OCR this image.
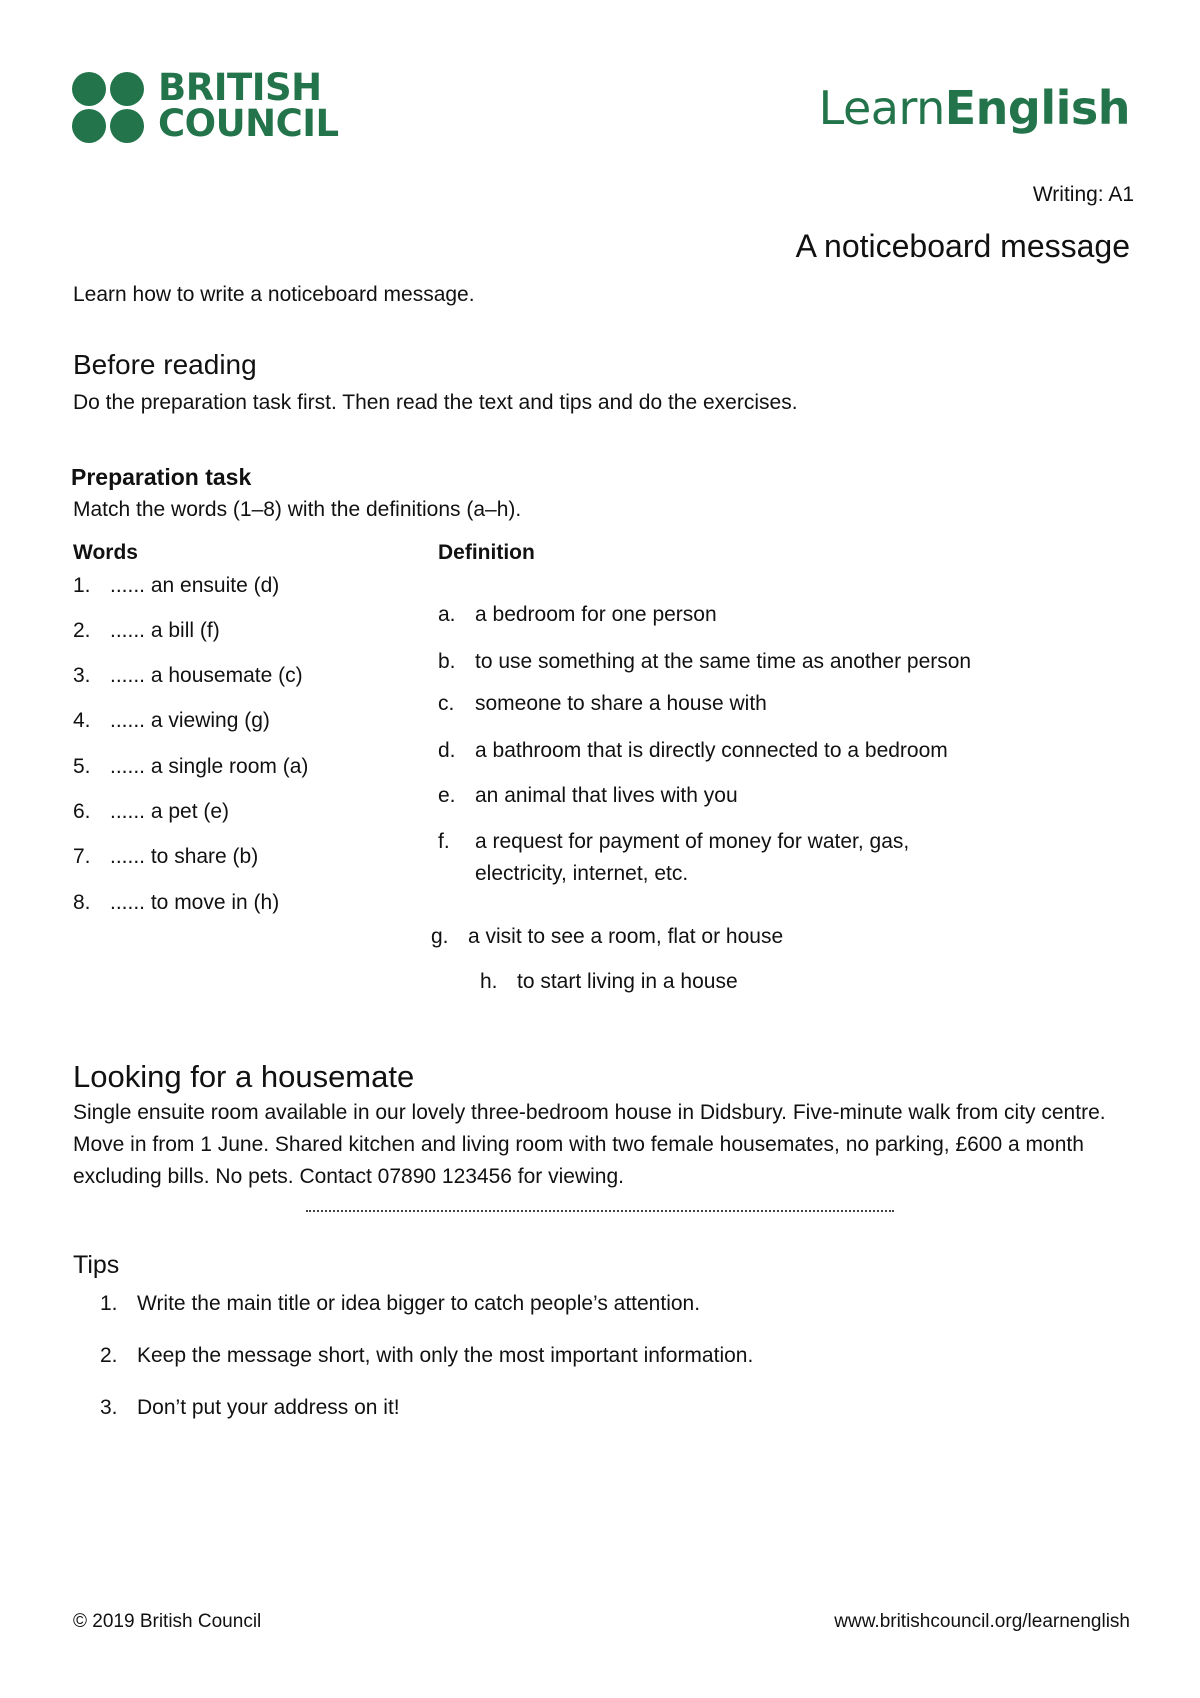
BRITISH
COUNCIL	LearnEnglish
Writing: A1
A noticeboard message
Learn how to write a noticeboard message.
Before reading
Do the preparation task first. Then read the text and tips and do the exercises.
Preparation task
Match the words (1–8) with the definitions (a–h).
Words	Definition
1. ...... an ensuite (d)
2. ...... a bill (f)
3. ...... a housemate (c)
4. ...... a viewing (g)
5. ...... a single room (a)
6. ...... a pet (e)
7. ...... to share (b)
8. ...... to move in (h)
a. a bedroom for one person
b. to use something at the same time as another person
c. someone to share a house with
d. a bathroom that is directly connected to a bedroom
e. an animal that lives with you
f. a request for payment of money for water, gas,
electricity, internet, etc.
g. a visit to see a room, flat or house
h. to start living in a house
Looking for a housemate
Single ensuite room available in our lovely three-bedroom house in Didsbury. Five-minute walk from city centre. Move in from 1 June. Shared kitchen and living room with two female housemates, no parking, £600 a month excluding bills. No pets. Contact 07890 123456 for viewing.
Tips
1. Write the main title or idea bigger to catch people’s attention.
2. Keep the message short, with only the most important information.
3. Don’t put your address on it!
© 2019 British Council	www.britishcouncil.org/learnenglish
